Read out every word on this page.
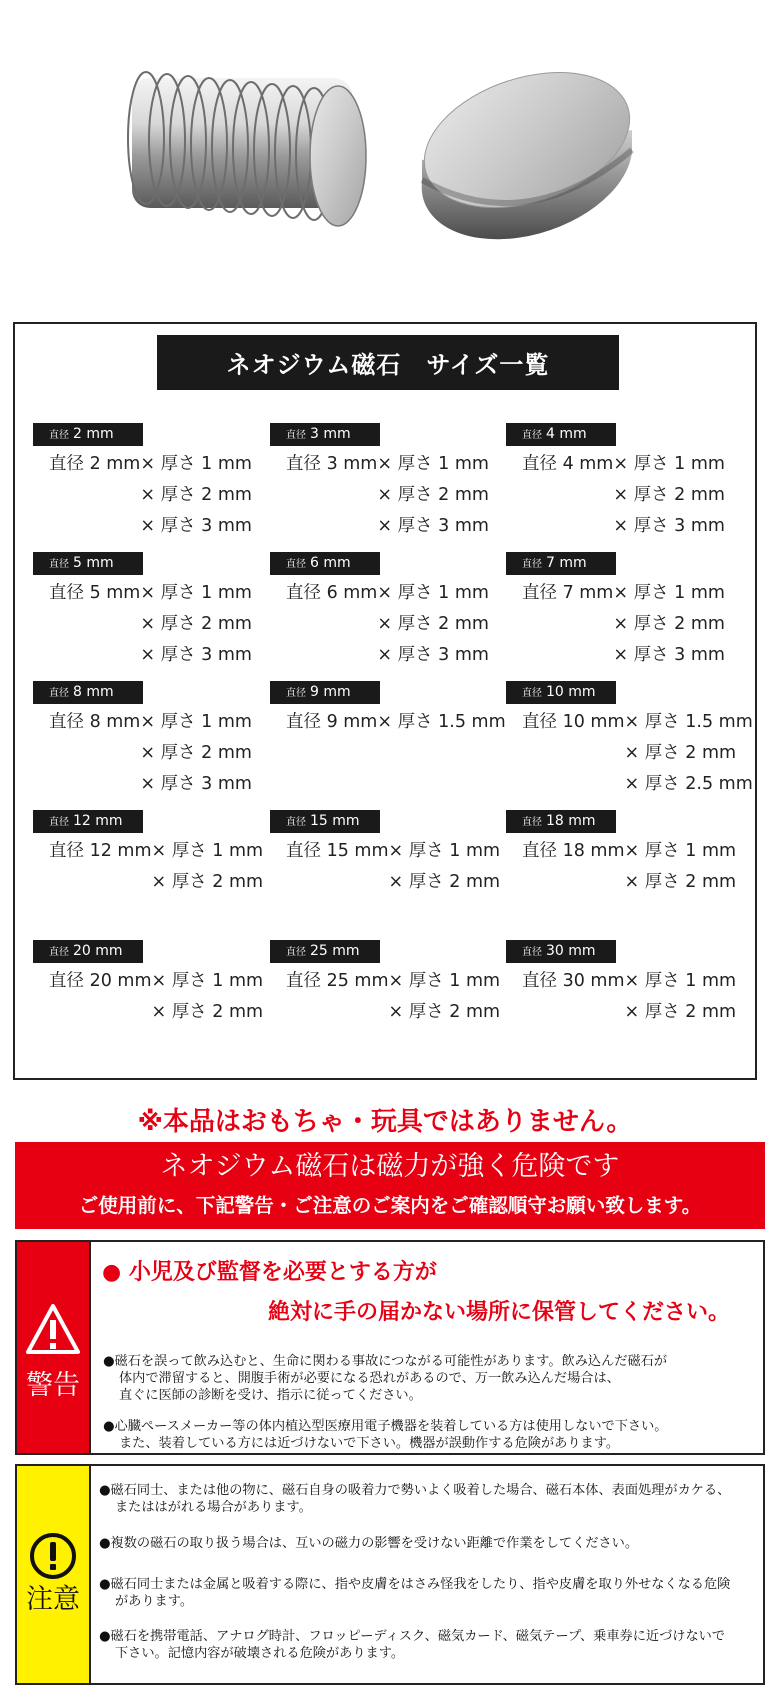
ネオジウム磁石　サイズ一覧
直径 2 mm
直径 2 mm× 厚さ 1 mm
× 厚さ 2 mm
× 厚さ 3 mm
直径 3 mm
直径 3 mm× 厚さ 1 mm
× 厚さ 2 mm
× 厚さ 3 mm
直径 4 mm
直径 4 mm× 厚さ 1 mm
× 厚さ 2 mm
× 厚さ 3 mm
直径 5 mm
直径 5 mm× 厚さ 1 mm
× 厚さ 2 mm
× 厚さ 3 mm
直径 6 mm
直径 6 mm× 厚さ 1 mm
× 厚さ 2 mm
× 厚さ 3 mm
直径 7 mm
直径 7 mm× 厚さ 1 mm
× 厚さ 2 mm
× 厚さ 3 mm
直径 8 mm
直径 8 mm× 厚さ 1 mm
× 厚さ 2 mm
× 厚さ 3 mm
直径 9 mm
直径 9 mm× 厚さ 1.5 mm
直径 10 mm
直径 10 mm× 厚さ 1.5 mm
× 厚さ 2 mm
× 厚さ 2.5 mm
直径 12 mm
直径 12 mm× 厚さ 1 mm
× 厚さ 2 mm
直径 15 mm
直径 15 mm× 厚さ 1 mm
× 厚さ 2 mm
直径 18 mm
直径 18 mm× 厚さ 1 mm
× 厚さ 2 mm
直径 20 mm
直径 20 mm× 厚さ 1 mm
× 厚さ 2 mm
直径 25 mm
直径 25 mm× 厚さ 1 mm
× 厚さ 2 mm
直径 30 mm
直径 30 mm× 厚さ 1 mm
× 厚さ 2 mm
※本品はおもちゃ・玩具ではありません。
ネオジウム磁石は磁力が強く危険です
ご使用前に、下記警告・ご注意のご案内をご確認順守お願い致します。
警告
● 小児及び監督を必要とする方が
絶対に手の届かない場所に保管してください。
●磁石を誤って飲み込むと、生命に関わる事故につながる可能性があります。飲み込んだ磁石が
体内で滞留すると、開腹手術が必要になる恐れがあるので、万一飲み込んだ場合は、
直ぐに医師の診断を受け、指示に従ってください。
●心臓ペースメーカー等の体内植込型医療用電子機器を装着している方は使用しないで下さい。
また、装着している方には近づけないで下さい。機器が誤動作する危険があります。
注意
●磁石同士、または他の物に、磁石自身の吸着力で勢いよく吸着した場合、磁石本体、表面処理がカケる、
またははがれる場合があります。
●複数の磁石の取り扱う場合は、互いの磁力の影響を受けない距離で作業をしてください。
●磁石同士または金属と吸着する際に、指や皮膚をはさみ怪我をしたり、指や皮膚を取り外せなくなる危険
があります。
●磁石を携帯電話、アナログ時計、フロッピーディスク、磁気カード、磁気テープ、乗車券に近づけないで
下さい。記憶内容が破壊される危険があります。
